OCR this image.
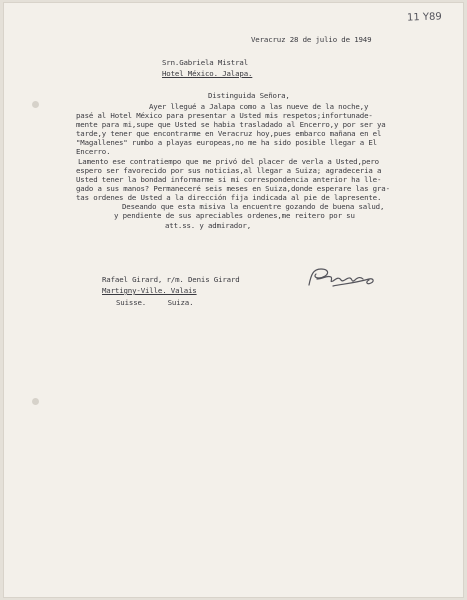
11 Y89
Veracruz 28 de julio de 1949
Srn.Gabriela Mistral
Hotel México. Jalapa.
Distinguida Señora,
Ayer llegué a Jalapa como a las nueve de la noche,y
pasé al Hotel México para presentar a Usted mis respetos;infortunade-
mente para mi,supe que Usted se habia trasladado al Encerro,y por ser ya
tarde,y tener que encontrarme en Veracruz hoy,pues embarco mañana en el
"Magallenes" rumbo a playas europeas,no me ha sido posible llegar a El
Encerro.
Lamento ese contratiempo que me privó del placer de verla a Usted,pero
espero ser favorecido por sus noticias,al llegar a Suiza; agradeceria a
Usted tener la bondad informarme si mi correspondencia anterior ha lle-
gado a sus manos? Permaneceré seis meses en Suiza,donde esperare las gra-
tas ordenes de Usted a la dirección fija indicada al pie de lapresente.
Deseando que esta misiva la encuentre gozando de buena salud,
y pendiente de sus apreciables ordenes,me reitero por su
att.ss. y admirador,
Rafael Girard, r/m. Denis Girard
Martigny-Ville. Valais
Suisse.     Suiza.
